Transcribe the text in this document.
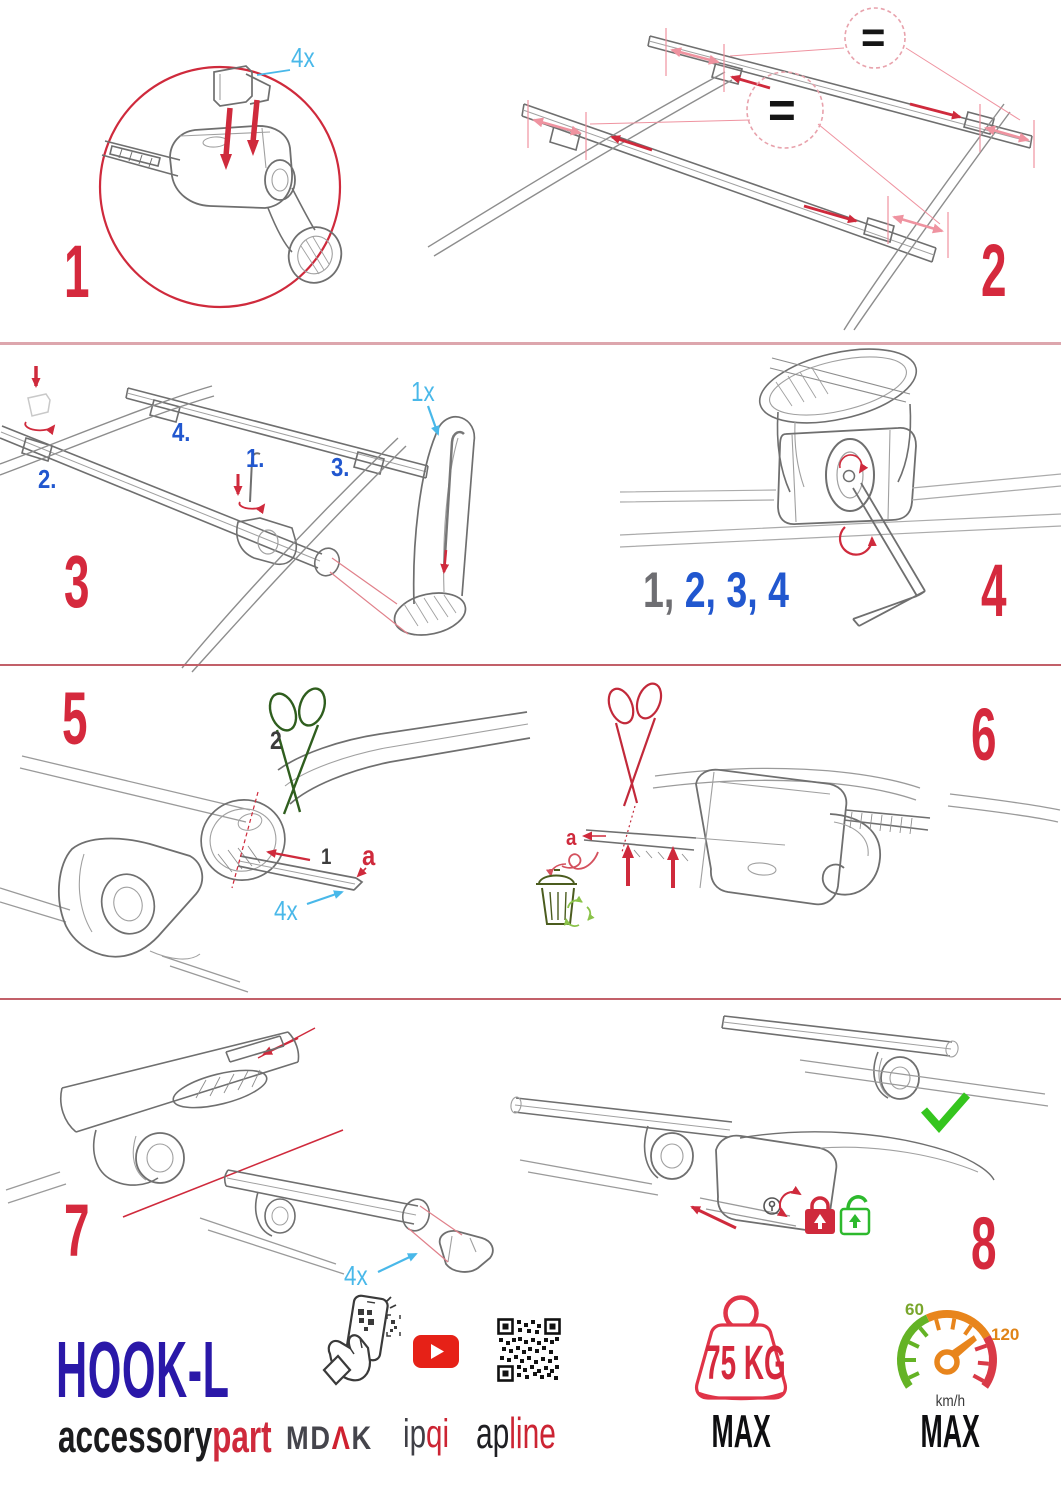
4x
1
=
=
2
2.
4.
1.	3.
1x
3	1, 2, 3, 4	4
5	2
1 a
4x
a
6
7
4x	8
HOOK-L
accessorypart MDΛK ipqi apline
75 KG
MAX
60
120
km/h
MAX
